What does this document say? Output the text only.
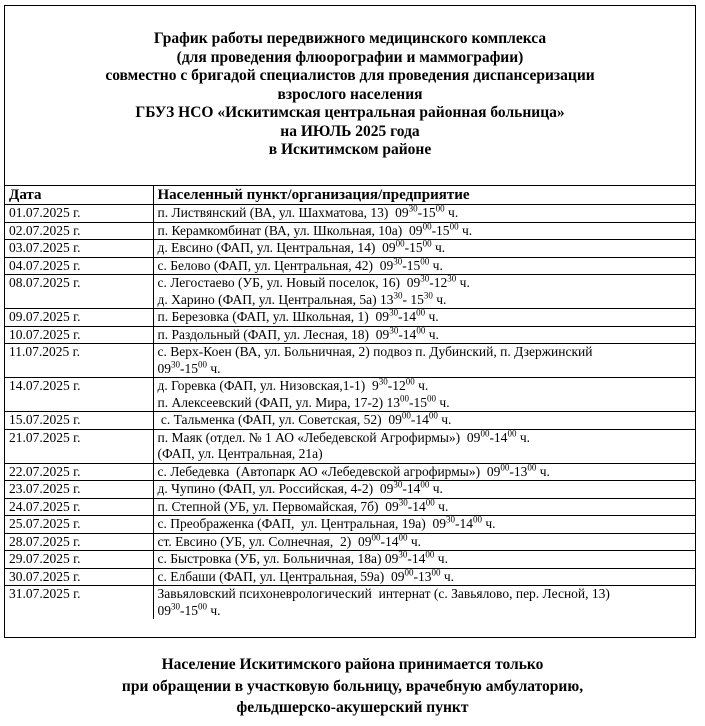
График работы передвижного медицинского комплекса
(для проведения флюорографии и маммографии)
совместно с бригадой специалистов для проведения диспансеризации
взрослого населения
ГБУЗ НСО «Искитимская центральная районная больница»
на ИЮЛЬ 2025 года
в Искитимском районе
Дата	Населенный пункт/организация/предприятие
01.07.2025 г.	п. Листвянский (ВА, ул. Шахматова, 13)  $09^{30}-15^{00}$ ч.

02.07.2025 г.	п. Керамкомбинат (ВА, ул. Школьная, 10а)  $09^{00}-15^{00}$ ч.

03.07.2025 г.	д. Евсино (ФАП, ул. Центральная, 14)  $09^{00}-15^{00}$ ч.

04.07.2025 г.	с. Белово (ФАП, ул. Центральная, 42)  $09^{30}-15^{00}$ ч.

08.07.2025 г.	с. Легостаево (УБ, ул. Новый поселок, 16)  $09^{30}-12^{30}$ ч.
д. Харино (ФАП, ул. Центральная, 5а) $13^{30}-$ $15^{30}$ ч.

09.07.2025 г.	п. Березовка (ФАП, ул. Школьная, 1)  $09^{30}-14^{00}$ ч.

10.07.2025 г.	п. Раздольный (ФАП, ул. Лесная, 18)  $09^{30}-14^{00}$ ч.

11.07.2025 г.	с. Верх-Коен (ВА, ул. Больничная, 2) подвоз п. Дубинский, п. Дзержинский
$09^{30}-15^{00}$ ч.

14.07.2025 г.	д. Горевка (ФАП, ул. Низовская,1-1)  $9^{30}-12^{00}$ ч.
п. Алексеевский (ФАП, ул. Мира, 17-2) $13^{00}-15^{00}$ ч.

15.07.2025 г.	с. Тальменка (ФАП, ул. Советская, 52)  $09^{00}-14^{00}$ ч.

21.07.2025 г.	п. Маяк (отдел. № 1 АО «Лебедевской Агрофирмы»)  $09^{00}-14^{00}$ ч.
(ФАП, ул. Центральная, 21а)

22.07.2025 г.	с. Лебедевка  (Автопарк АО «Лебедевской агрофирмы»)  $09^{00}-13^{00}$ ч.

23.07.2025 г.	д. Чупино (ФАП, ул. Российская, 4-2)  $09^{30}-14^{00}$ ч.

24.07.2025 г.	п. Степной (УБ, ул. Первомайская, 7б)  $09^{30}-14^{00}$ ч.

25.07.2025 г.	с. Преображенка (ФАП,  ул. Центральная, 19а)  $09^{30}-14^{00}$ ч.

28.07.2025 г.	ст. Евсино (УБ, ул. Солнечная,  2)  $09^{00}-14^{00}$ ч.

29.07.2025 г.	с. Быстровка (УБ, ул. Больничная, 18а) $09^{30}-14^{00}$ ч.

30.07.2025 г.	с. Елбаши (ФАП, ул. Центральная, 59а)  $09^{00}-13^{00}$ ч.

31.07.2025 г.	Завьяловский психоневрологический  интернат (с. Завьялово, пер. Лесной, 13)
$09^{30}-15^{00}$ ч.
Население Искитимского района принимается только
при обращении в участковую больницу, врачебную амбулаторию,
фельдшерско-акушерский пункт
